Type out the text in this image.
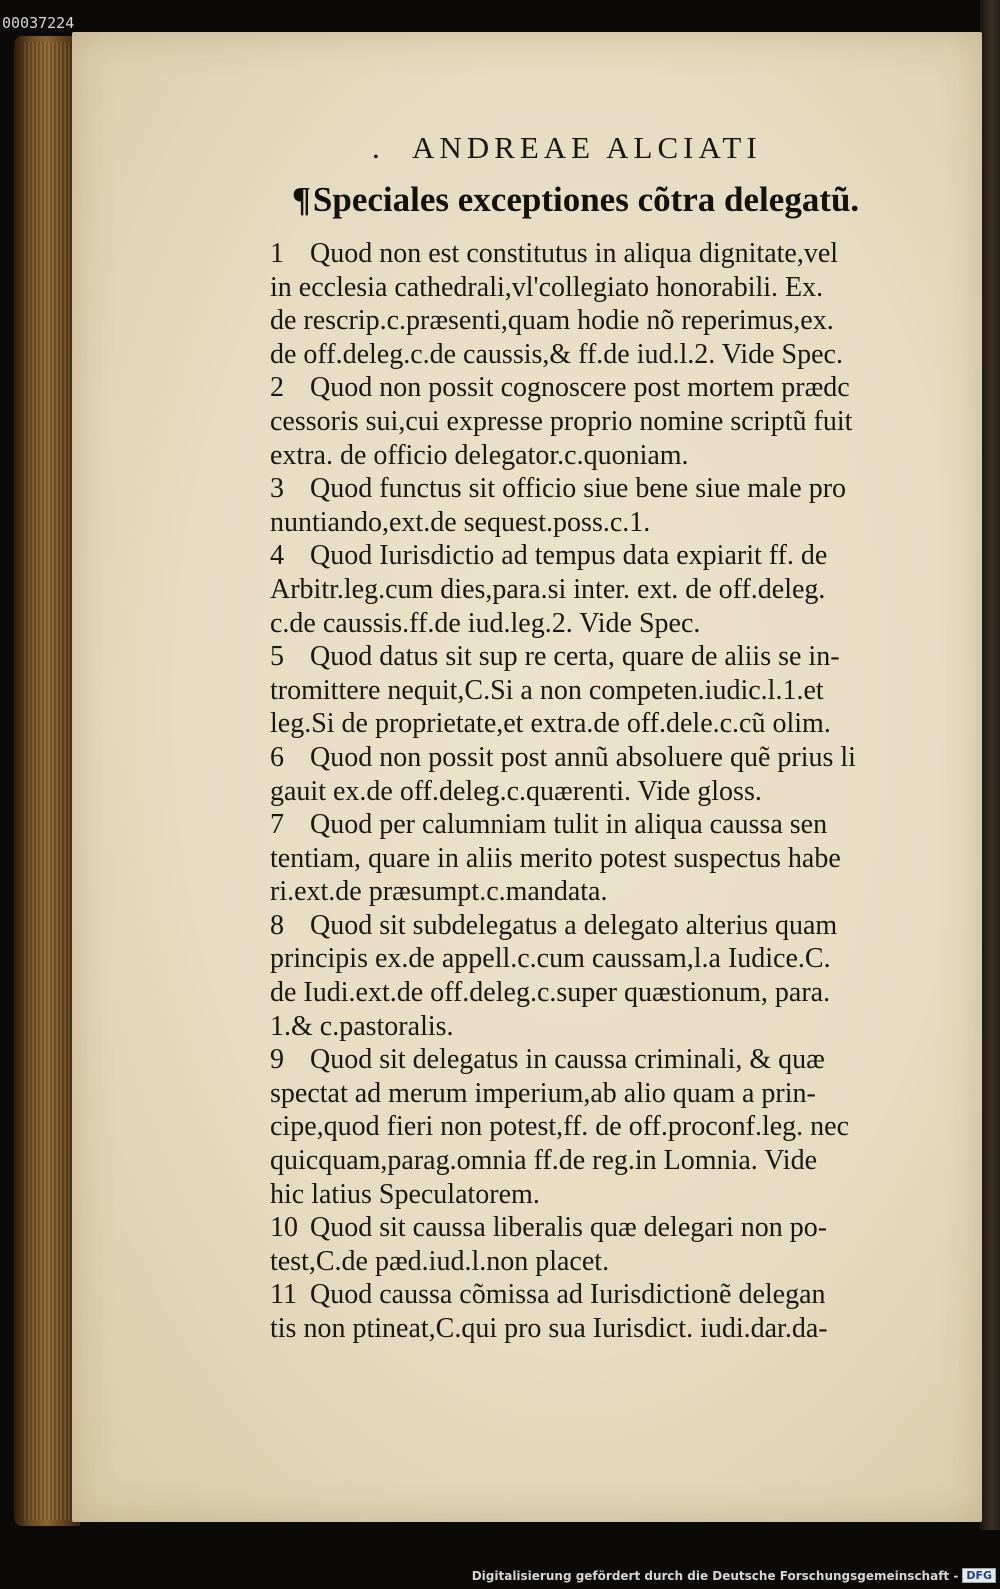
00037224
. ANDREAE ALCIATI
¶Speciales exceptiones cõtra delegatũ.
1 Quod non est constitutus in aliqua dignitate,vel
in ecclesia cathedrali,vl'collegiato honorabili. Ex.
de rescrip.c.præsenti,quam hodie nõ reperimus,ex.
de off.deleg.c.de caussis,& ff.de iud.l.2. Vide Spec.
2 Quod non possit cognoscere post mortem prædc
cessoris sui,cui expresse proprio nomine scriptũ fuit
extra. de officio delegator.c.quoniam.
3 Quod functus sit officio siue bene siue male pro
nuntiando,ext.de sequest.poss.c.1.
4 Quod Iurisdictio ad tempus data expiarit ff. de
Arbitr.leg.cum dies,para.si inter. ext. de off.deleg.
c.de caussis.ff.de iud.leg.2. Vide Spec.
5 Quod datus sit sup re certa, quare de aliis se in-
tromittere nequit,C.Si a non competen.iudic.l.1.et
leg.Si de proprietate,et extra.de off.dele.c.cũ olim.
6 Quod non possit post annũ absoluere quẽ prius li
gauit ex.de off.deleg.c.quærenti. Vide gloss.
7 Quod per calumniam tulit in aliqua caussa sen
tentiam, quare in aliis merito potest suspectus habe
ri.ext.de præsumpt.c.mandata.
8 Quod sit subdelegatus a delegato alterius quam
principis ex.de appell.c.cum caussam,l.a Iudice.C.
de Iudi.ext.de off.deleg.c.super quæstionum, para.
1.& c.pastoralis.
9 Quod sit delegatus in caussa criminali, & quæ
spectat ad merum imperium,ab alio quam a prin-
cipe,quod fieri non potest,ff. de off.proconf.leg. nec
quicquam,parag.omnia ff.de reg.in Lomnia. Vide
hic latius Speculatorem.
10 Quod sit caussa liberalis quæ delegari non po-
test,C.de pæd.iud.l.non placet.
11 Quod caussa cõmissa ad Iurisdictionẽ delegan
tis non ptineat,C.qui pro sua Iurisdict. iudi.dar.da-
Digitalisierung gefördert durch die Deutsche Forschungsgemeinschaft - DFG
